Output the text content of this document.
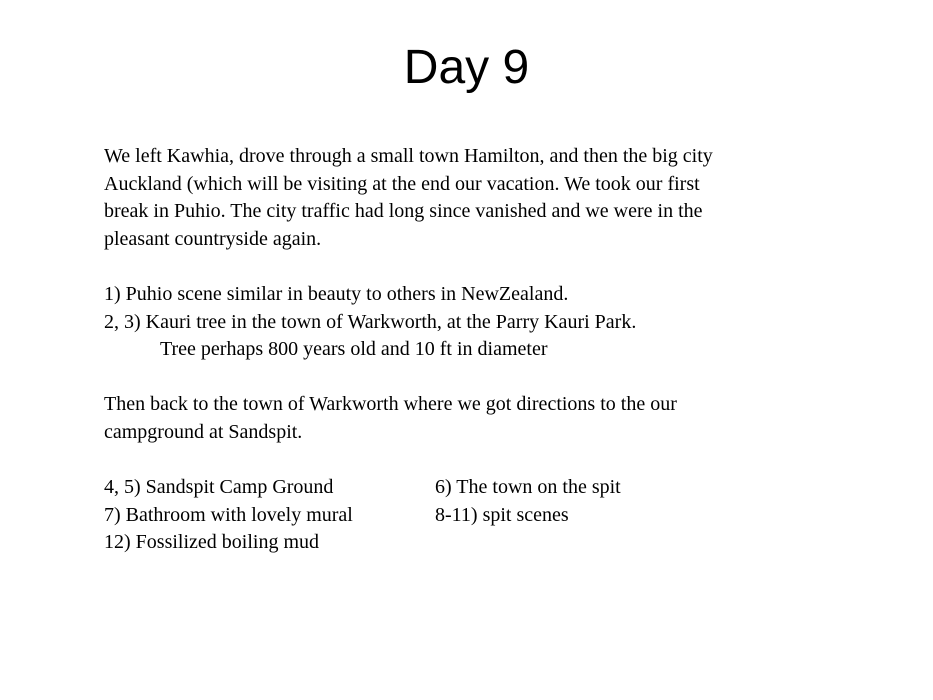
Day 9
We left Kawhia, drove through a small town Hamilton, and then the big city
Auckland (which will be visiting at the end our vacation. We took our first
break in Puhio. The city traffic had long since vanished and we were in the
pleasant countryside again.
1) Puhio scene similar in beauty to others in NewZealand.
2, 3) Kauri tree in the town of Warkworth, at the Parry Kauri Park.
Tree perhaps 800 years old and 10 ft in diameter
Then back to the town of Warkworth where we got directions to the our
campground at Sandspit.
4, 5) Sandspit Camp Ground	6) The town on the spit
7) Bathroom with lovely mural	8-11) spit scenes
12) Fossilized boiling mud
